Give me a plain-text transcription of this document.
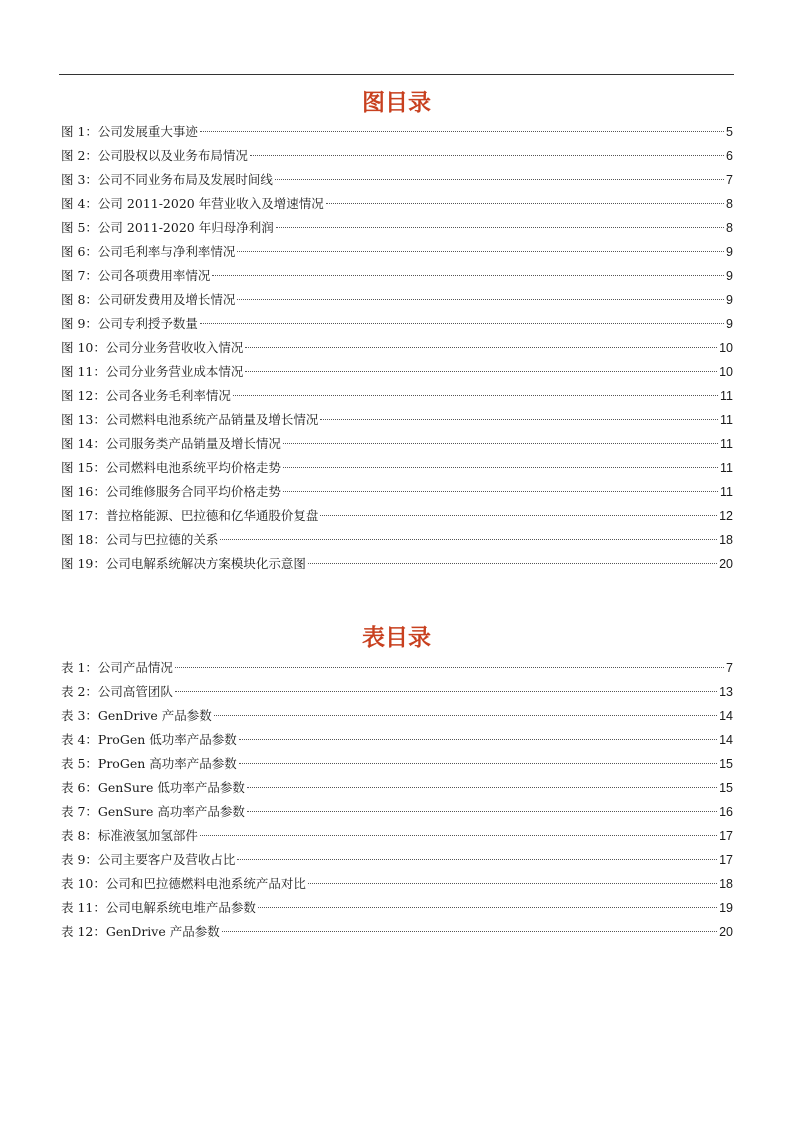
图目录
图 1：公司发展重大事迹	5
图 2：公司股权以及业务布局情况	6
图 3：公司不同业务布局及发展时间线	7
图 4：公司 2011-2020 年营业收入及增速情况	8
图 5：公司 2011-2020 年归母净利润	8
图 6：公司毛利率与净利率情况	9
图 7：公司各项费用率情况	9
图 8：公司研发费用及增长情况	9
图 9：公司专利授予数量	9
图 10：公司分业务营收收入情况	10
图 11：公司分业务营业成本情况	10
图 12：公司各业务毛利率情况	11
图 13：公司燃料电池系统产品销量及增长情况	11
图 14：公司服务类产品销量及增长情况	11
图 15：公司燃料电池系统平均价格走势	11
图 16：公司维修服务合同平均价格走势	11
图 17：普拉格能源、巴拉德和亿华通股价复盘	12
图 18：公司与巴拉德的关系	18
图 19：公司电解系统解决方案模块化示意图	20
表目录
表 1：公司产品情况	7
表 2：公司高管团队	13
表 3：GenDrive 产品参数	14
表 4：ProGen 低功率产品参数	14
表 5：ProGen 高功率产品参数	15
表 6：GenSure 低功率产品参数	15
表 7：GenSure 高功率产品参数	16
表 8：标准液氢加氢部件	17
表 9：公司主要客户及营收占比	17
表 10：公司和巴拉德燃料电池系统产品对比	18
表 11：公司电解系统电堆产品参数	19
表 12：GenDrive 产品参数	20
